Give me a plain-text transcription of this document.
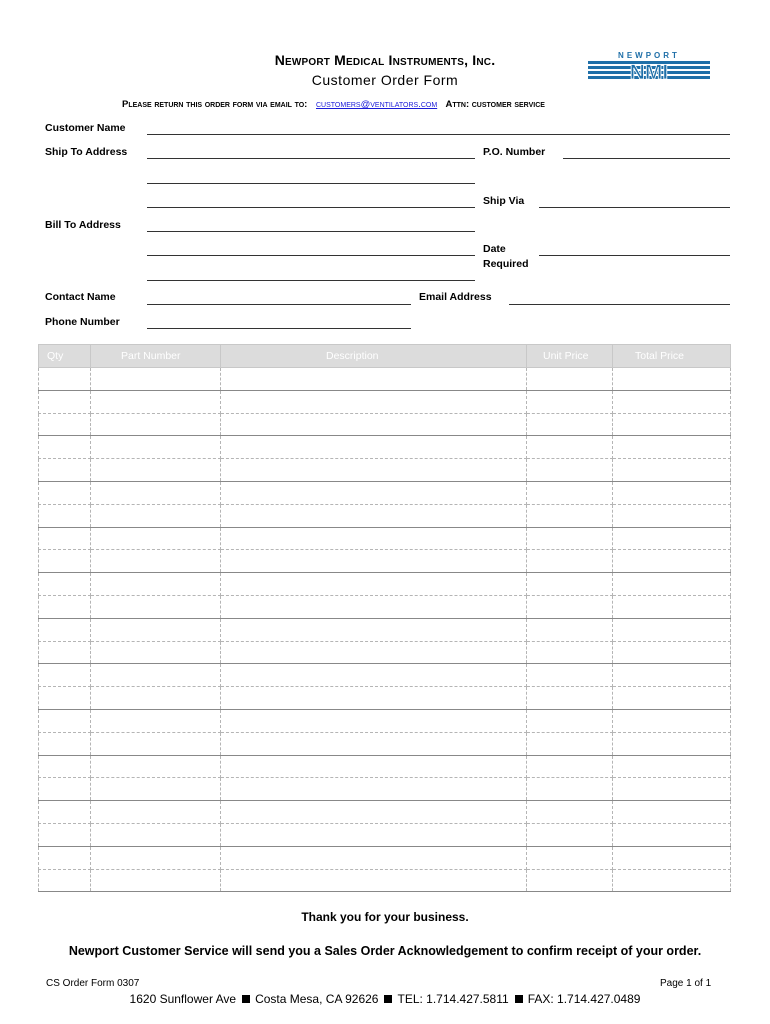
Newport Medical Instruments, Inc.
Customer Order Form
NEWPORT
NMI
Please return this order form via email to: customers@ventilators.com Attn: customer service
Customer Name
Ship To Address	P.O. Number
Ship Via
Bill To Address
Date
Required
Contact Name	Email Address
Phone Number
Qty	Part Number	Description	Unit Price	Total Price

Thank you for your business.
Newport Customer Service will send you a Sales Order Acknowledgement to confirm receipt of your order.
CS Order Form 0307	Page 1 of 1
1620 Sunflower Ave Costa Mesa, CA 92626 TEL: 1.714.427.5811 FAX: 1.714.427.0489
